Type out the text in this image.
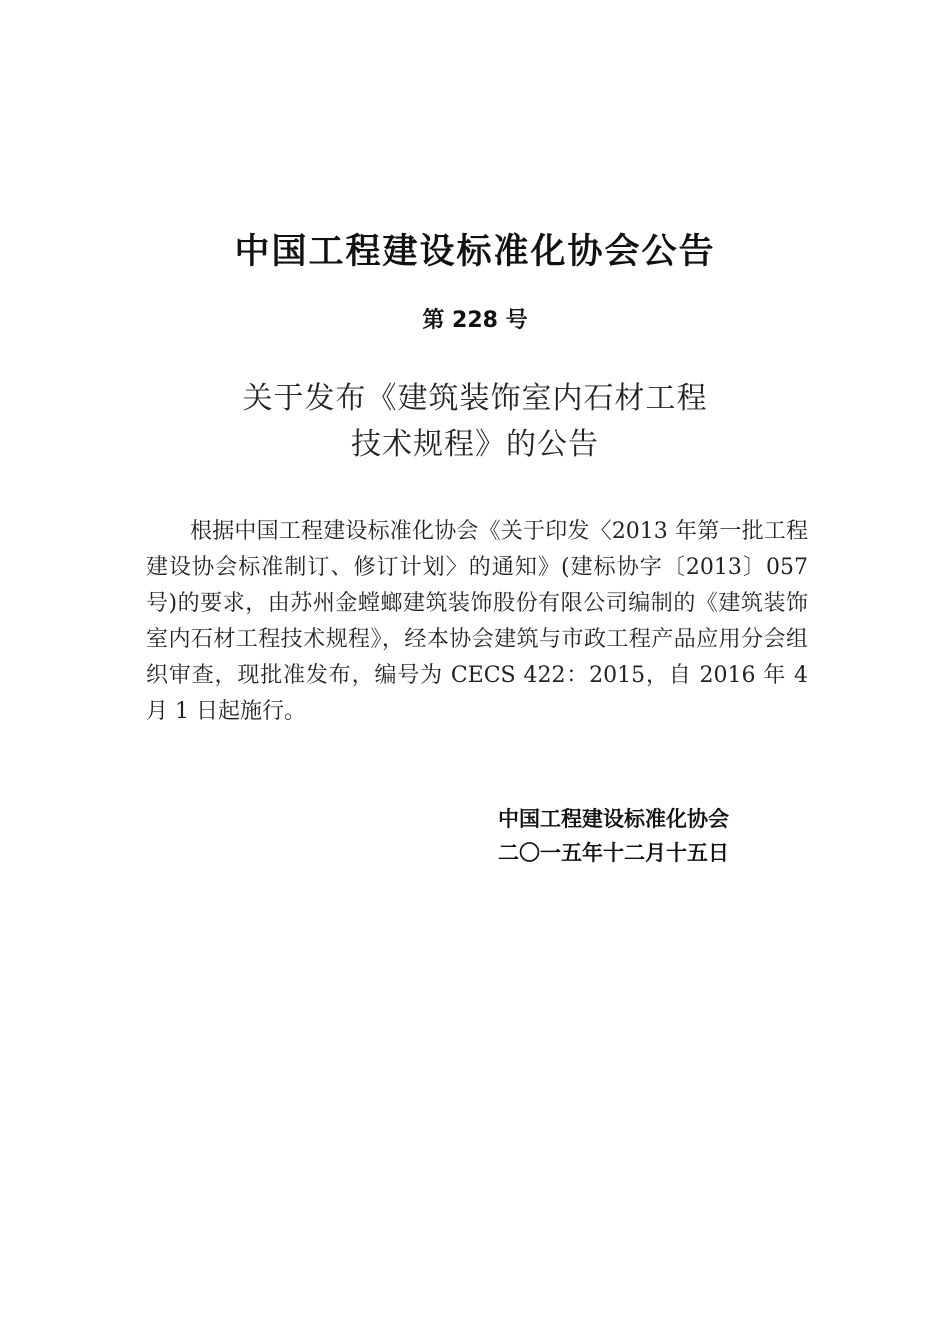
中国工程建设标准化协会公告
第 228 号
关于发布《建筑装饰室内石材工程
技术规程》的公告
根据中国工程建设标准化协会《关于印发〈2013 年第一批工程建设协会标准制订、修订计划〉的通知》(建标协字〔2013〕057号)的要求，由苏州金螳螂建筑装饰股份有限公司编制的《建筑装饰室内石材工程技术规程》，经本协会建筑与市政工程产品应用分会组织审查，现批准发布，编号为 CECS 422：2015，自 2016 年 4 月 1 日起施行。
中国工程建设标准化协会
二〇一五年十二月十五日
